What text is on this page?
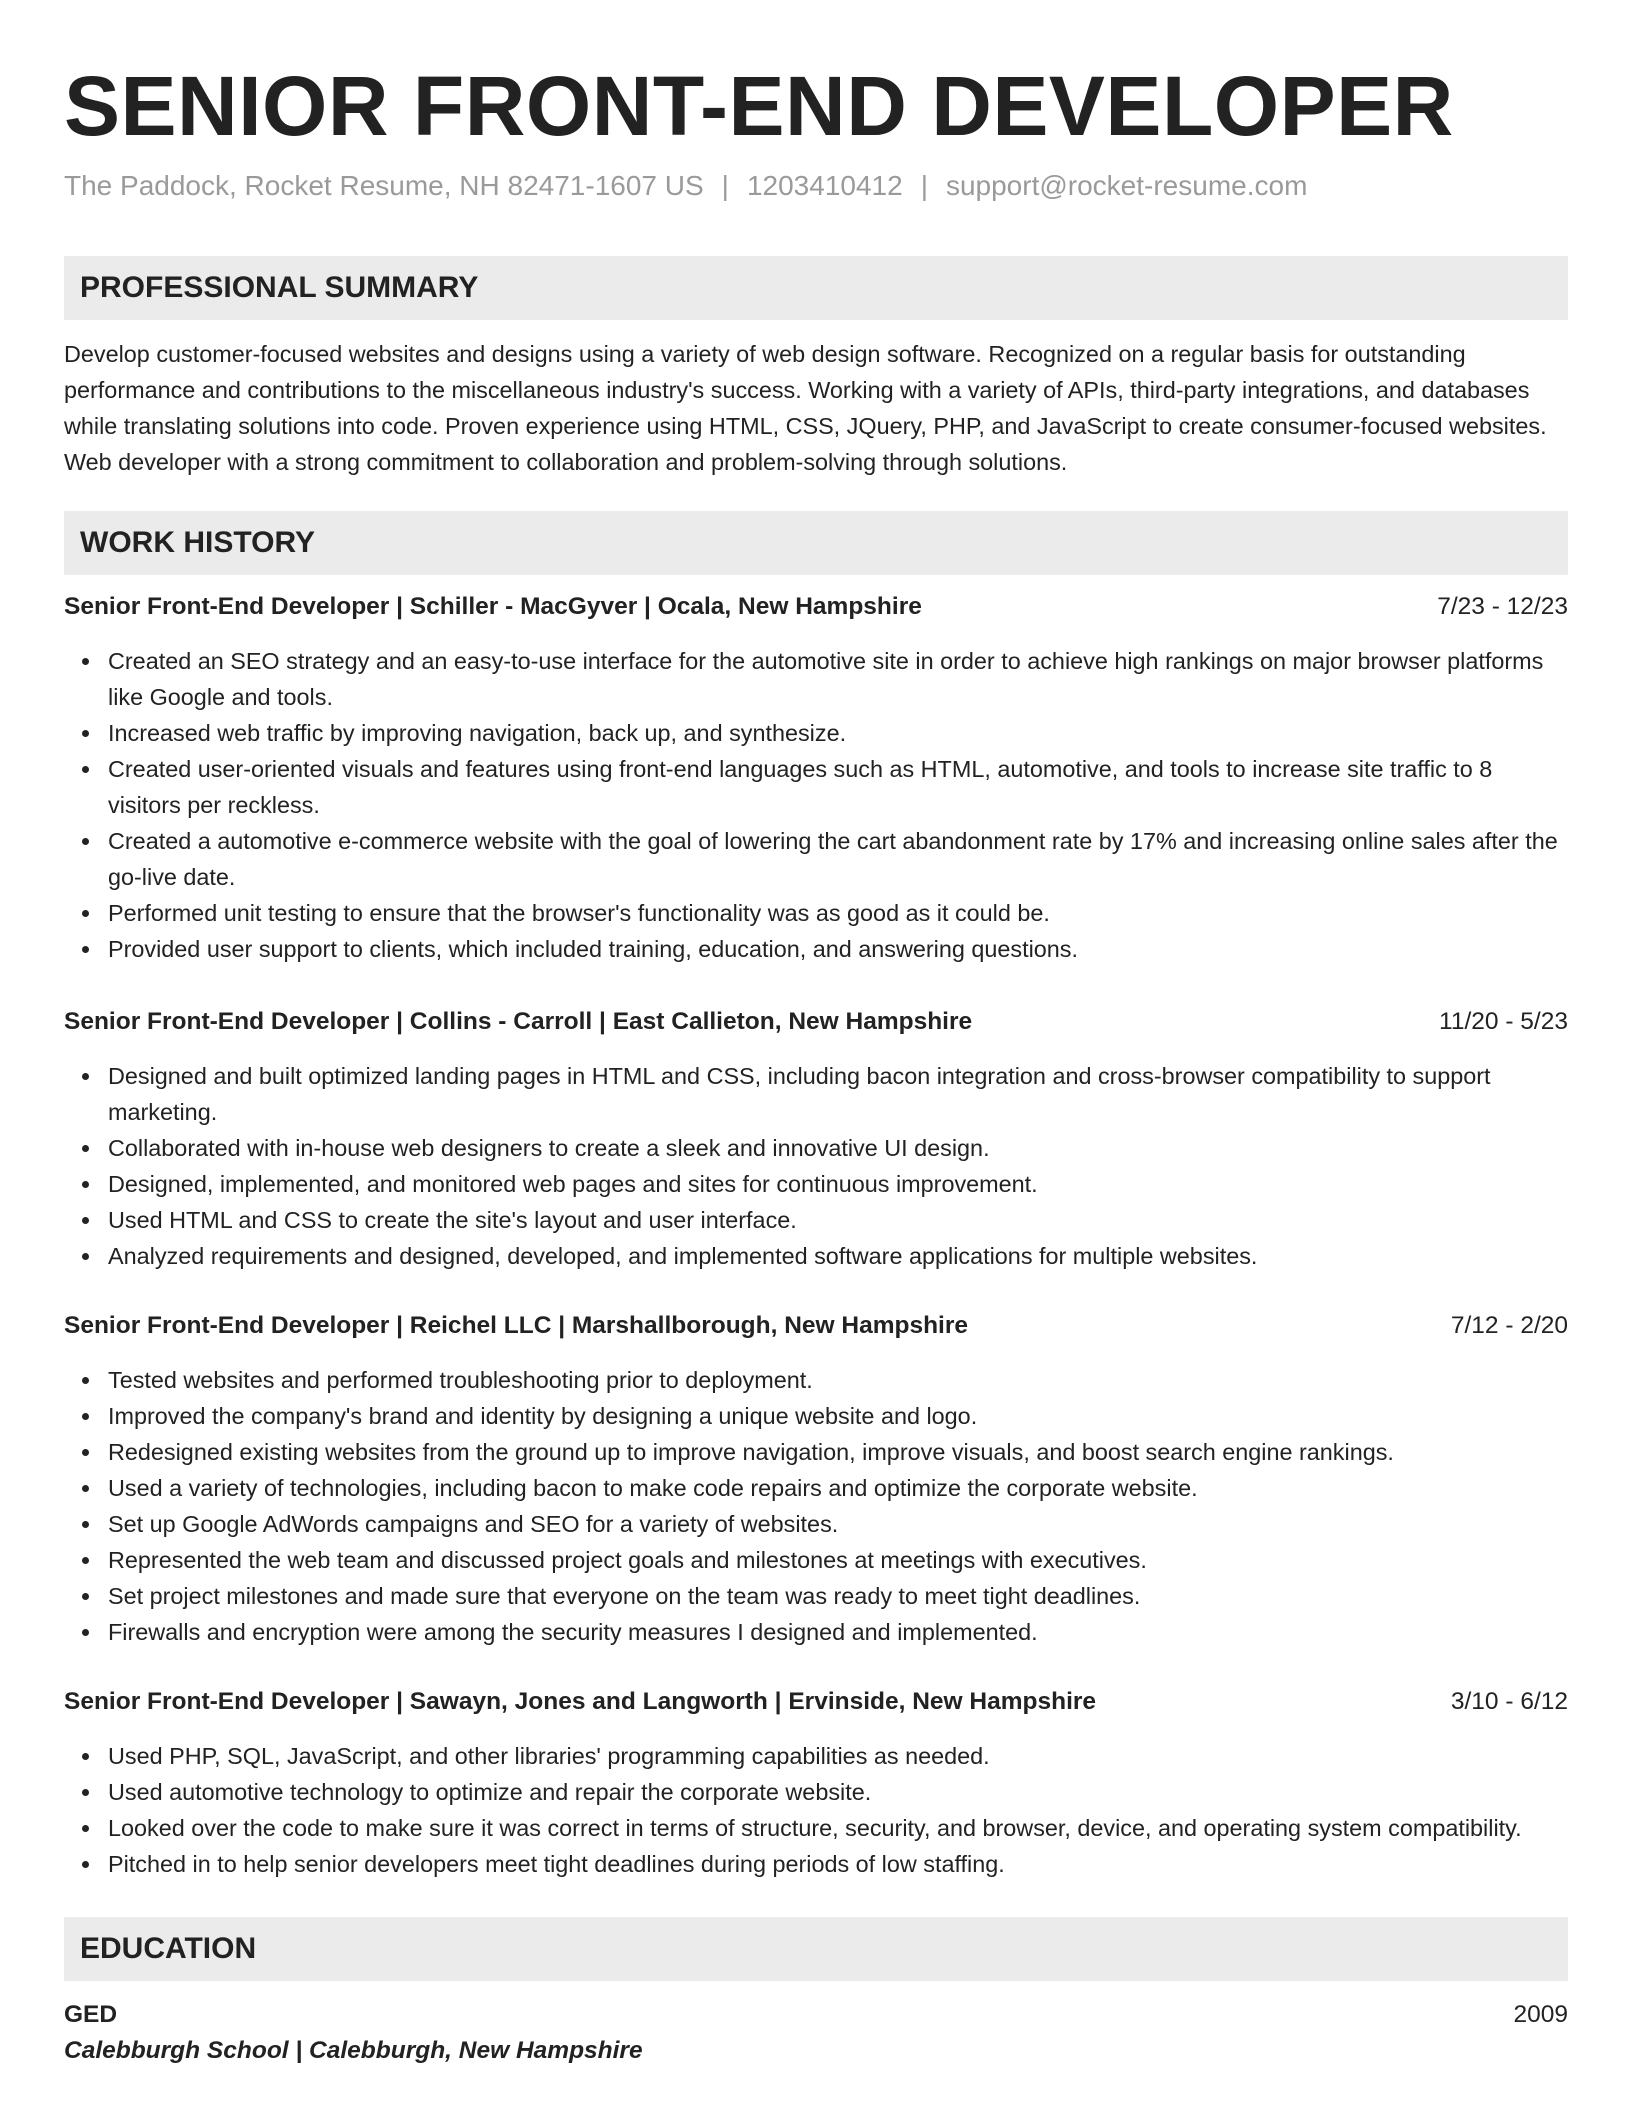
SENIOR FRONT-END DEVELOPER
The Paddock, Rocket Resume, NH 82471-1607 US | 1203410412 | support@rocket-resume.com
PROFESSIONAL SUMMARY
Develop customer-focused websites and designs using a variety of web design software. Recognized on a regular basis for outstanding performance and contributions to the miscellaneous industry's success. Working with a variety of APIs, third-party integrations, and databases while translating solutions into code. Proven experience using HTML, CSS, JQuery, PHP, and JavaScript to create consumer-focused websites. Web developer with a strong commitment to collaboration and problem-solving through solutions.
WORK HISTORY
Senior Front-End Developer | Schiller - MacGyver | Ocala, New Hampshire	7/23 - 12/23
Created an SEO strategy and an easy-to-use interface for the automotive site in order to achieve high rankings on major browser platforms like Google and tools.
Increased web traffic by improving navigation, back up, and synthesize.
Created user-oriented visuals and features using front-end languages such as HTML, automotive, and tools to increase site traffic to 8 visitors per reckless.
Created a automotive e-commerce website with the goal of lowering the cart abandonment rate by 17% and increasing online sales after the go-live date.
Performed unit testing to ensure that the browser's functionality was as good as it could be.
Provided user support to clients, which included training, education, and answering questions.
Senior Front-End Developer | Collins - Carroll | East Callieton, New Hampshire	11/20 - 5/23
Designed and built optimized landing pages in HTML and CSS, including bacon integration and cross-browser compatibility to support marketing.
Collaborated with in-house web designers to create a sleek and innovative UI design.
Designed, implemented, and monitored web pages and sites for continuous improvement.
Used HTML and CSS to create the site's layout and user interface.
Analyzed requirements and designed, developed, and implemented software applications for multiple websites.
Senior Front-End Developer | Reichel LLC | Marshallborough, New Hampshire	7/12 - 2/20
Tested websites and performed troubleshooting prior to deployment.
Improved the company's brand and identity by designing a unique website and logo.
Redesigned existing websites from the ground up to improve navigation, improve visuals, and boost search engine rankings.
Used a variety of technologies, including bacon to make code repairs and optimize the corporate website.
Set up Google AdWords campaigns and SEO for a variety of websites.
Represented the web team and discussed project goals and milestones at meetings with executives.
Set project milestones and made sure that everyone on the team was ready to meet tight deadlines.
Firewalls and encryption were among the security measures I designed and implemented.
Senior Front-End Developer | Sawayn, Jones and Langworth | Ervinside, New Hampshire	3/10 - 6/12
Used PHP, SQL, JavaScript, and other libraries' programming capabilities as needed.
Used automotive technology to optimize and repair the corporate website.
Looked over the code to make sure it was correct in terms of structure, security, and browser, device, and operating system compatibility.
Pitched in to help senior developers meet tight deadlines during periods of low staffing.
EDUCATION
GED	2009
Calebburgh School | Calebburgh, New Hampshire
